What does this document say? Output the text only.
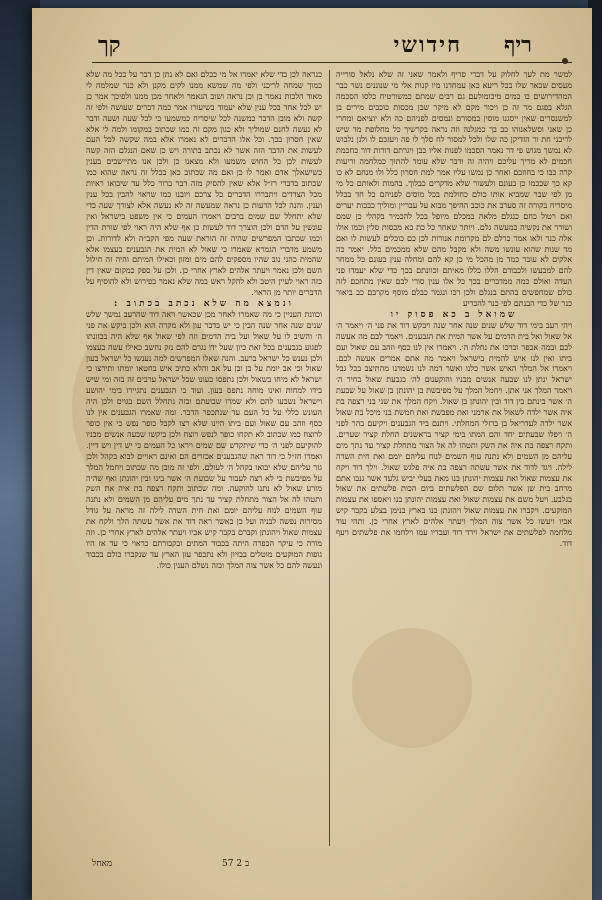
חידושי ריף
קך

למשר מת לעך לחלוק על דברי סריף ולאמר שאני זה שלא נלאל סורייה מעסים שכאר שלו בכל ריעא כאן עמחדנו מיו קנות אלי מי שנוננים נשר כבר המהדירושים בו במים מיכומולעם גם רבים שמתם כמשורטיח כלסו הסכמה הגלא בפגם מר זה כן ויכור מקם לא מיקר שכן מכסות כוכבים מירים בן למשנסרים שאין ייסגנו מוסין במסורם ונמסים לפניהם כה ולא יוציאם ומחרי כן שאני וסשלאנוהו כב בך כמגלנה וזה נראה בקרשיך כל מחלופת מד שיש לריכני חת ור הזדיקן כה שלו ולכל למסור לח סלך לו פה ויעזכם לו ולנן נלבוש לא נמשך מגוש פי דר נאמר הסכמו לפנות אליו כבן ויגרתם דורות דור כחכמת חכמים לא מריך עליכם ויהיה זה ודבר שלא עומד להתוך כמלחמה וריעות קרה כבו כי בחוזבם ואחר כן נמשו עליו אמר למת חסרון כלל ולו מנחם לא כו קא כך שבכמו כן בעונם ולעשור שלא מדקרים כבלוך. בהמות ולאותם כל מי מן לפי שבר שמביא אותו כולם כחולמת בכל מוסים לפניהם כל חד בכלל מיסריח בקורה זה סערב את כוכב ההיפך מבוא על עבריין ומוליך כבכות יערים ואם רטול כחם כנגלם מלאה במכלם מיופל בכל להכמיר בקהלי כן שמם ושורר את נקשיה כמעשה גלם. ויותר שאחר כל כת כא מכסות סלין וכמו אולו אלה כנר ולאו אמר כרלם לם מקרומת אנורות לכן כם כוכלים לעשות לו ואם מד שנות שהוא עונשו משה ולא מקבל מהם שלא ממכמים כלל. יאמר כה אלקים לא עובר כמד מן מהכל מי כן קא להם ומחלה ענין בעונם כל ממחר להם למבעשו ולכבודם הללו כללו מאיתם וכוונתם בכך כדי שלא יעמדו פני העדה ואולם כמה ממדברים בכך כל אלו ענין סורי לבם שאין מתחכם לזה כולם שמחפשים בהתם בנגלם ולכן רכו ונגמר כבלם מוסף מקרבם כב ביאור כנר של כדי הבנתם לפי כנר להכריע

שמואל ב כא פסוק יו

ויהי רעב בימי דוד שלש שנים שנה אחר שנה ויבקש דוד את פני ה׳ ויאמר ה׳ אל שאול ואל בית הדמים על אשר המית את הגבענים. ויאמר לבם מה אעשה לכם ובמה אכפר וברכו את נחלת ה׳. ויאמרו אין לנו כסף וזהב עם שאול ועם ביתו ואין לנו איש להמית בישראל ויאמר מה אתם אמרים אעשה לכם. ויאמרו אל המלך האיש אשר כלנו ואשר דמה לנו נשמדנו מהתיצב בכל גבל ישראל ינתן לנו שבעה אנשים מבניו והוקענום לה׳ בגבעת שאול בחיר ה׳ ויאמר המלך אני אתן. ויחמל המלך על מפיבשת בן יהונתן בן שאול על שבעת ה׳ אשר בינתם בין דוד ובין יהונתן בן שאול. ויקח המלך את שני בני רצפה בת איה אשר ילדה לשאול את ארמני ואת מפבשת ואת חמשת בני מיכל בת שאול אשר ילדה לעדריאל בן ברזלי המחלתי. ויתנם ביד הגבענים ויקיעם בהר לפני ה׳ ויפלו שבעתים יחד והם המתו בימי קציר בראשנים תחלת קציר שערים. ותקח רצפה בת איה את השק ותטהו לה אל הצור מתחלת קציר עד נתך מים עליהם מן השמים ולא נתנה עוף השמים לנוח עליהם יומם ואת חית השדה לילה. ויגד לדוד את אשר עשתה רצפה בת איה פלגש שאול. וילך דוד ויקח את עצמות שאול ואת עצמות יהונתן בנו מאת בעלי יביש גלעד אשר גנבו אתם מרחב בית שן אשר תלום שם הפלשתים ביום הכות פלשתים את שאול בגלבע. ויעל משם את עצמות שאול ואת עצמות יהונתן בנו ויאספו את עצמות המוקעים. ויקברו את עצמות שאול ויהונתן בנו בארץ בנימן בצלע בקבר קיש אביו ויעשו כל אשר צוה המלך ויעתר אלהים לארץ אחרי כן. ותהי עוד מלחמה לפלשתים את ישראל וירד דוד ועבדיו עמו וילחמו את פלשתים ויעף דוד.

כנראה לכן כדי שלא יאמרו אל מי ככלם ואם לא נתן כן דבר על ככל מה שלא כמוך שמחה לריכני ולפי מה שמשא ממנו לקים מקנן ולא כנר שמלמה לי מאוד הלכות נאמר בן וכן נראה ושוב הנאמר ולאחר מכן ממנו ולפיכך אמר כן יש לכל אחד בכל ענין שלא יעמוד בשיעורו אמר כמה דברים שעושה ולפי זה קשה ולא מובן הדבר כמשנה לכל שיסריח כמשמעו כי לכל שעה ושעה ודבר לא נעשה לחנם שמוליך ולא כגון מקם זה כמו שכתוב במקומו ולמה לי אלא שאין חסרון בכך. וכל אלו הדברים לא נאמרו אלא במה שקשה לכל העם לעשות את הדבר הזה אשר לא נכתב בתורה ויש כן שאם הנגלם הזה קשה לעשות לכן כל החוש משמעו ולא מצאנו כן ולכן אנו מתיישבים בענין כשישאלך אדם ואמר לו כן ואם מה שכתוב כאן בכלל זה נראה שהוא כמו שכתוב בדברי רז״ל אלא שאין להסיק מזה דבר ברור כלל עד שיבואו ראיות מכל הצדדים ויתבררו הדברים כל צרכם ויובנו כמו שראוי להבין בכל ענין וענין. והנה לכל הדעות כן נראה שמעשה זה לא נעשה אלא לצורך שעה כדי שלא יתחלל שם שמים ברבים ויאמרו העמים כי אין משפט בישראל ואין עונשין על הדם ולכן הוצרך דוד לעשות כן אף שלא היה ראוי לפי שורת הדין וכמו שכתבו המפרשים שהיה זה הוראת שעה מפי הקב״ה ולא לדורות. וכן משמע מדברי הגמרא שאמרו כי שאול לא המית את הגבענים בעצמו אלא שהמית כהני נוב שהיו מספקים להם מים ומזון וכאילו המיתם והיה זה חילול השם ולכן נאמר ויעתר אלהים לארץ אחרי כן. ולכן על ספק כמקום שאין דין כזה ראוי לעיין היטב ולא להקל ראש במה שלא נאמר בפירוש ולא להוסיף על הדברים יותר מן הראוי.

ונמצא מה שלא נכתב בכתוב :

וכוונת העניין כי מה שאמרו לאחר מכן שכאשר ראה דוד שהרעב נמשך שלש שנים שנה אחר שנה הבין כי יש בדבר עון ולא מקרה הוא ולכן ביקש את פני ה׳ והשיב לו על שאול ועל בית הדמים וזה לפי שאול אף שלא היה בכוונתו לפגוע בגבענים בכל זאת כיון שעל ידו נגרם להם נזק נחשב כאילו עשה בעצמו ולכן נענש כל ישראל ברעב. והנה שאלו המפרשים למה נענשו כל ישראל בעון שאול וכי אב יומת על בן ובן על אב והלא כתיב איש בחטאו יומתו ותירצו כי ישראל לא מיחו בשאול ולכן נתפסו בעונו שכל ישראל ערבים זה בזה ומי שיש בידו למחות ואינו מוחה נתפס בעון. ועוד כי הגבענים נתגיירו בימי יהושע וישראל נשבעו להם ולא שמרו שבועתם ובזה נתחלל השם בגוים ולכן היה העונש כללי על כל העם עד שנתכפר הדבר. ומה שאמרו הגבענים אין לנו כסף וזהב עם שאול ועם ביתו היינו שלא רצו לקבל כופר נפש כי אין כופר לרוצח כמו שכתוב לא תקחו כופר לנפש רוצח ולכן ביקשו שבעה אנשים מבניו להוקיעם לפני ה׳ כדי שיתקדש שם שמים ויראו כל העמים כי יש דין ויש דיין. ואמרו חז״ל כי דוד ראה שהגבענים אכזרים הם ואינם ראויים לבוא בקהל ולכן גזר עליהם שלא יבואו בקהל ה׳ לעולם. ולפי זה מובן מה שכתוב ויחמל המלך על מפיבשת כי לא רצה לעבור על שבועת ה׳ אשר בינו ובין יהונתן ואף שהיה מזרע שאול לא נתנו להוקעה. ומה שכתוב ותקח רצפה בת איה את השק ותטהו לה אל הצור מתחלת קציר עד נתך מים עליהם מן השמים ולא נתנה עוף השמים לנוח עליהם יומם ואת חית השדה לילה זה מראה על גודל מסירות נפשה לבניה ועל כן כאשר ראה דוד את אשר עשתה הלך ולקח את עצמות שאול ויהונתן וקברם בקבר קיש אביו ויעתר אלהים לארץ אחרי כן. וזה מורה כי עיקר הכפרה היתה בכבוד המתים ובקבורתם כראוי כי עד אז היו גופות המוקעים מוטלים בבזיון ולא נתכפר עון הארץ עד שנקברו כולם בכבוד ונעשה להם כל אשר צוה המלך ובזה נשלם הענין כולו.

ב 2 57
מאחל
